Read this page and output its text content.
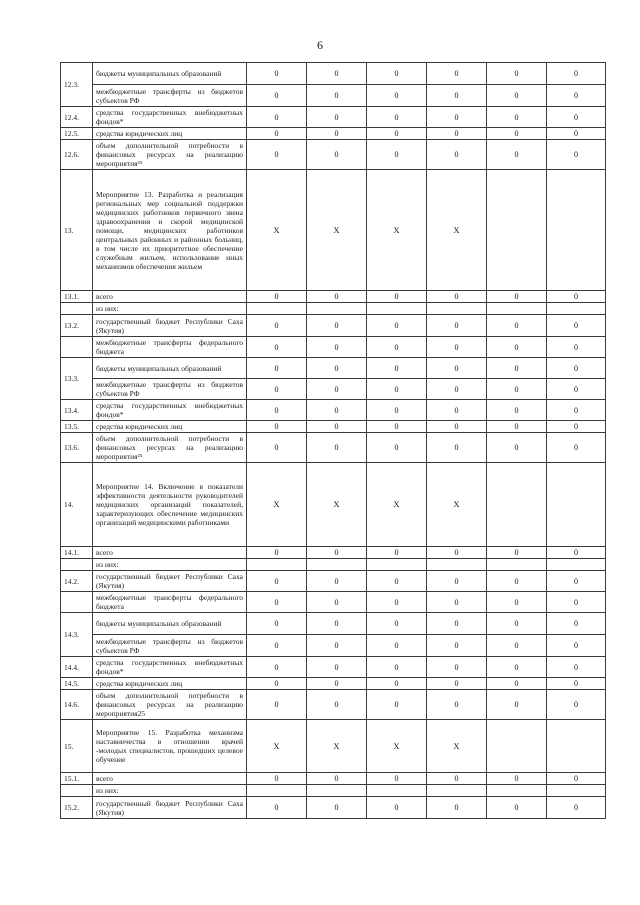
6
12.3.	бюджеты муниципальных образований	0	0	0	0	0	0
	межбюджетные трансферты из бюджетов субъектов РФ	0	0	0	0	0	0
12.4.	средства государственных внебюджетных фондов*	0	0	0	0	0	0
12.5.	средства юридических лиц	0	0	0	0	0	0
12.6.	объем дополнительной потребности в финансовых ресурсах на реализацию мероприятия²⁵	0	0	0	0	0	0
13.	Мероприятие 13. Разработка и реализация региональных мер социальной поддержки медицинских работников первичного звена здравоохранения и скорой медицинской помощи, медицинских работников центральных районных и районных больниц, в том числе их приоритетное обеспечение служебным жильем, использование иных механизмов обеспечения жильем	X	X	X	X		
13.1.	всего	0	0	0	0	0	0
	из них:						
13.2.	государственный бюджет Республики Саха (Якутия)	0	0	0	0	0	0
	межбюджетные трансферты федерального бюджета	0	0	0	0	0	0
13.3.	бюджеты муниципальных образований	0	0	0	0	0	0
	межбюджетные трансферты из бюджетов субъектов РФ	0	0	0	0	0	0
13.4.	средства государственных внебюджетных фондов*	0	0	0	0	0	0
13.5.	средства юридических лиц	0	0	0	0	0	0
13.6.	объем дополнительной потребности в финансовых ресурсах на реализацию мероприятия²⁵	0	0	0	0	0	0
14.	Мероприятие 14. Включение в показатели эффективности деятельности руководителей медицинских организаций показателей, характеризующих обеспечение медицинских организаций медицинскими работниками	X	X	X	X		
14.1.	всего	0	0	0	0	0	0
	из них:						
14.2.	государственный бюджет Республики Саха (Якутия)	0	0	0	0	0	0
	межбюджетные трансферты федерального бюджета	0	0	0	0	0	0
14.3.	бюджеты муниципальных образований	0	0	0	0	0	0
	межбюджетные трансферты из бюджетов субъектов РФ	0	0	0	0	0	0
14.4.	средства государственных внебюджетных фондов*	0	0	0	0	0	0
14.5.	средства юридических лиц	0	0	0	0	0	0
14.6.	объем дополнительной потребности в финансовых ресурсах на реализацию мероприятия25	0	0	0	0	0	0
15.	Мероприятие 15. Разработка механизма наставничества в отношении врачей -молодых специалистов, прошедших целевое обучение	X	X	X	X		
15.1.	всего	0	0	0	0	0	0
	из них:						
15.2.	государственный бюджет Республики Саха (Якутия)	0	0	0	0	0	0
